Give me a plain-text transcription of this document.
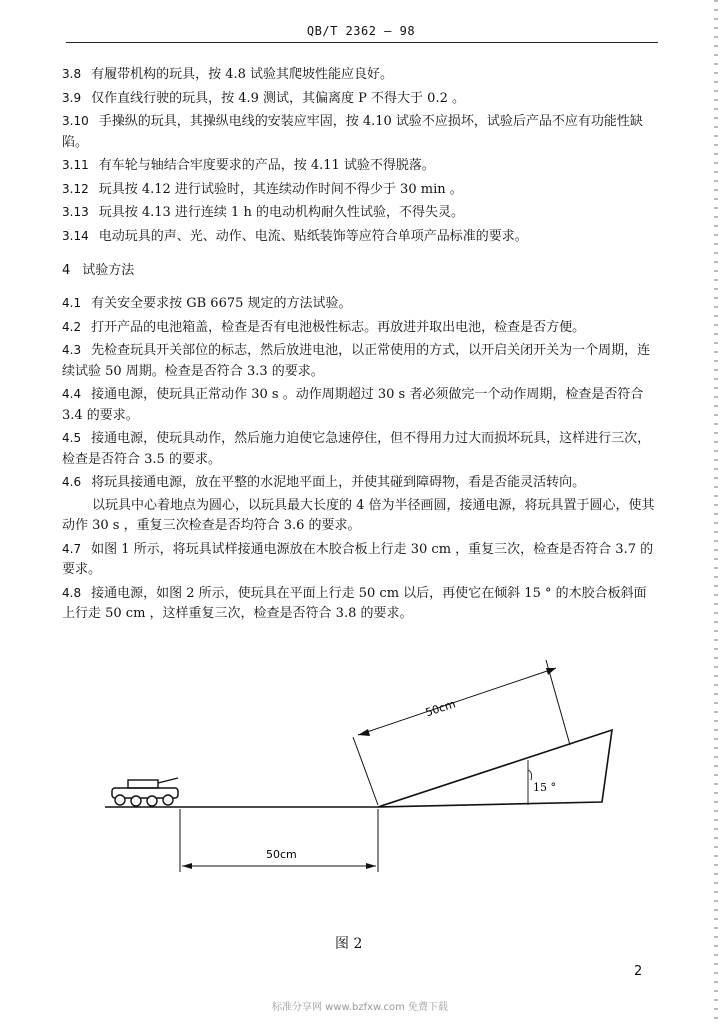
QB/T 2362 — 98

3.8 有履带机构的玩具，按 4.8 试验其爬坡性能应良好。

3.9 仅作直线行驶的玩具，按 4.9 测试，其偏离度 P 不得大于 0.2 。

3.10 手操纵的玩具，其操纵电线的安装应牢固，按 4.10 试验不应损坏，试验后产品不应有功能性缺陷。

3.11 有车轮与轴结合牢度要求的产品，按 4.11 试验不得脱落。

3.12 玩具按 4.12 进行试验时，其连续动作时间不得少于 30 min 。

3.13 玩具按 4.13 进行连续 1 h 的电动机构耐久性试验，不得失灵。

3.14 电动玩具的声、光、动作、电流、贴纸装饰等应符合单项产品标准的要求。

4 试验方法

4.1 有关安全要求按 GB 6675 规定的方法试验。

4.2 打开产品的电池箱盖，检查是否有电池极性标志。再放进并取出电池，检查是否方便。

4.3 先检查玩具开关部位的标志，然后放进电池，以正常使用的方式，以开启关闭开关为一个周期，连续试验 50 周期。检查是否符合 3.3 的要求。

4.4 接通电源，使玩具正常动作 30 s 。动作周期超过 30 s 者必须做完一个动作周期，检查是否符合 3.4 的要求。

4.5 接通电源，使玩具动作，然后施力迫使它急速停住，但不得用力过大而损坏玩具，这样进行三次，检查是否符合 3.5 的要求。

4.6 将玩具接通电源，放在平整的水泥地平面上，并使其碰到障碍物，看是否能灵活转向。

以玩具中心着地点为圆心，以玩具最大长度的 4 倍为半径画圆，接通电源，将玩具置于圆心，使其动作 30 s ，重复三次检查是否均符合 3.6 的要求。

4.7 如图 1 所示，将玩具试样接通电源放在木胶合板上行走 30 cm ，重复三次，检查是否符合 3.7 的要求。

4.8 接通电源，如图 2 所示，使玩具在平面上行走 50 cm 以后，再使它在倾斜 15 ° 的木胶合板斜面上行走 50 cm ，这样重复三次，检查是否符合 3.8 的要求。

50cm
15 °
50cm
图 2
2
标准分享网 www.bzfxw.com 免费下载
